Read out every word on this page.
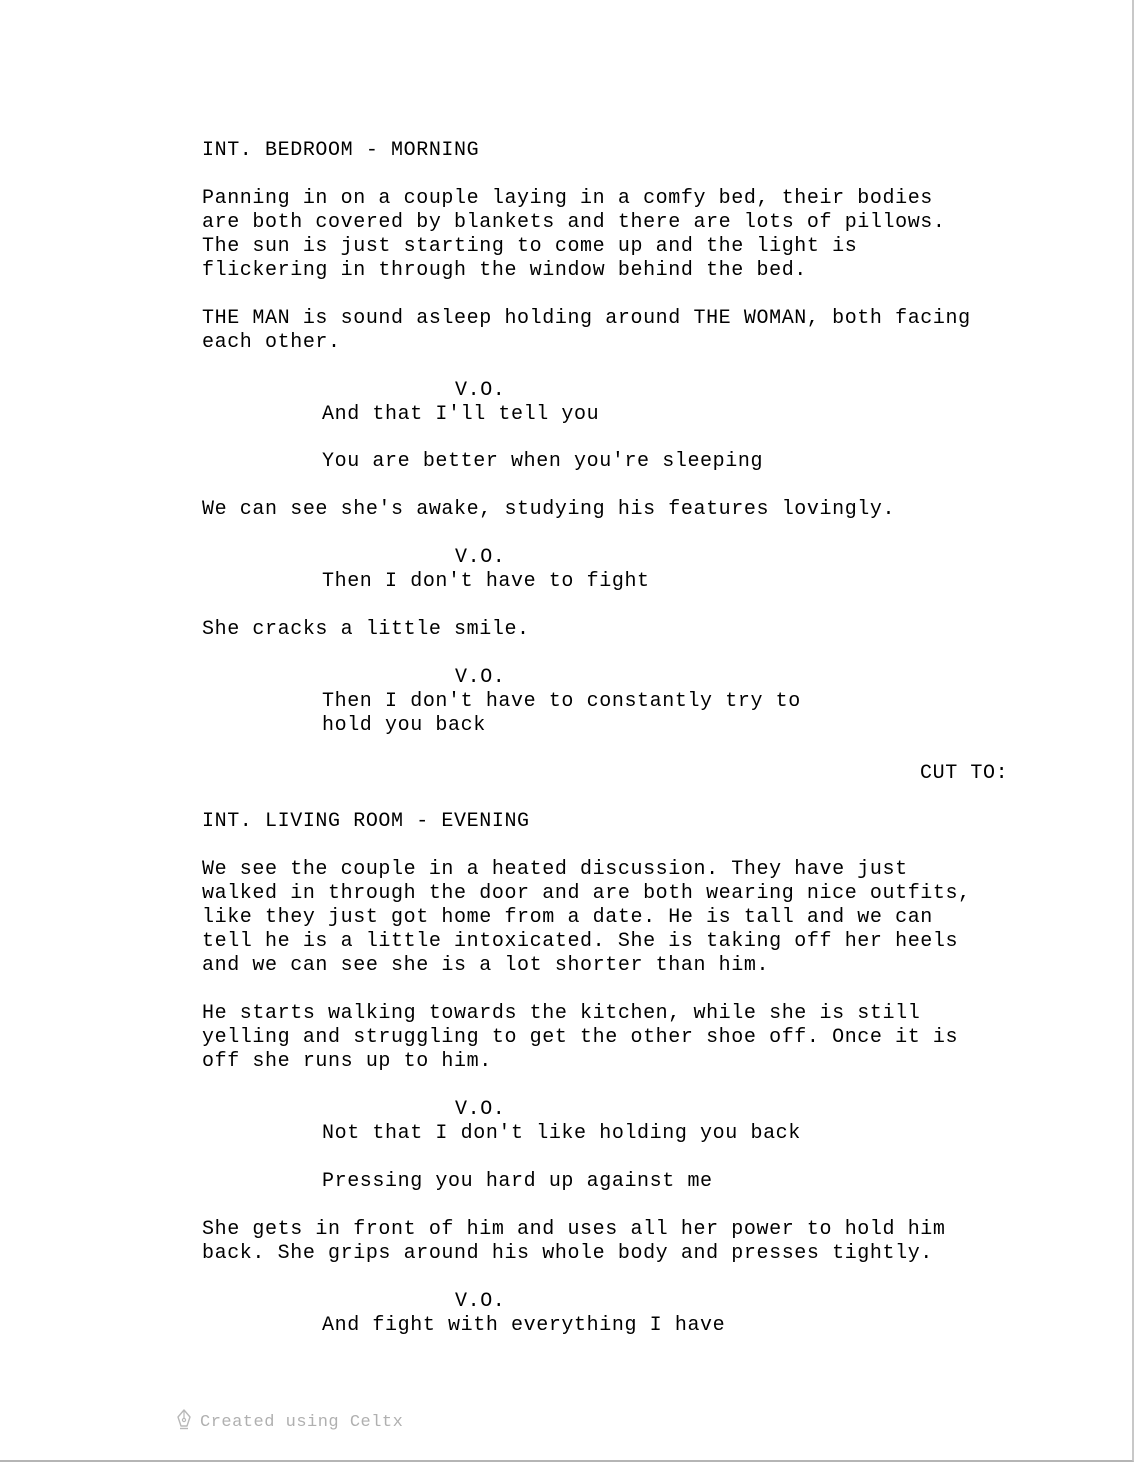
INT. BEDROOM - MORNING
Panning in on a couple laying in a comfy bed, their bodies
are both covered by blankets and there are lots of pillows.
The sun is just starting to come up and the light is
flickering in through the window behind the bed.
THE MAN is sound asleep holding around THE WOMAN, both facing
each other.
V.O.
And that I'll tell you
You are better when you're sleeping
We can see she's awake, studying his features lovingly.
V.O.
Then I don't have to fight
She cracks a little smile.
V.O.
Then I don't have to constantly try to
hold you back
CUT TO:
INT. LIVING ROOM - EVENING
We see the couple in a heated discussion. They have just
walked in through the door and are both wearing nice outfits,
like they just got home from a date. He is tall and we can
tell he is a little intoxicated. She is taking off her heels
and we can see she is a lot shorter than him.
He starts walking towards the kitchen, while she is still
yelling and struggling to get the other shoe off. Once it is
off she runs up to him.
V.O.
Not that I don't like holding you back
Pressing you hard up against me
She gets in front of him and uses all her power to hold him
back. She grips around his whole body and presses tightly.
V.O.
And fight with everything I have
Created using Celtx
